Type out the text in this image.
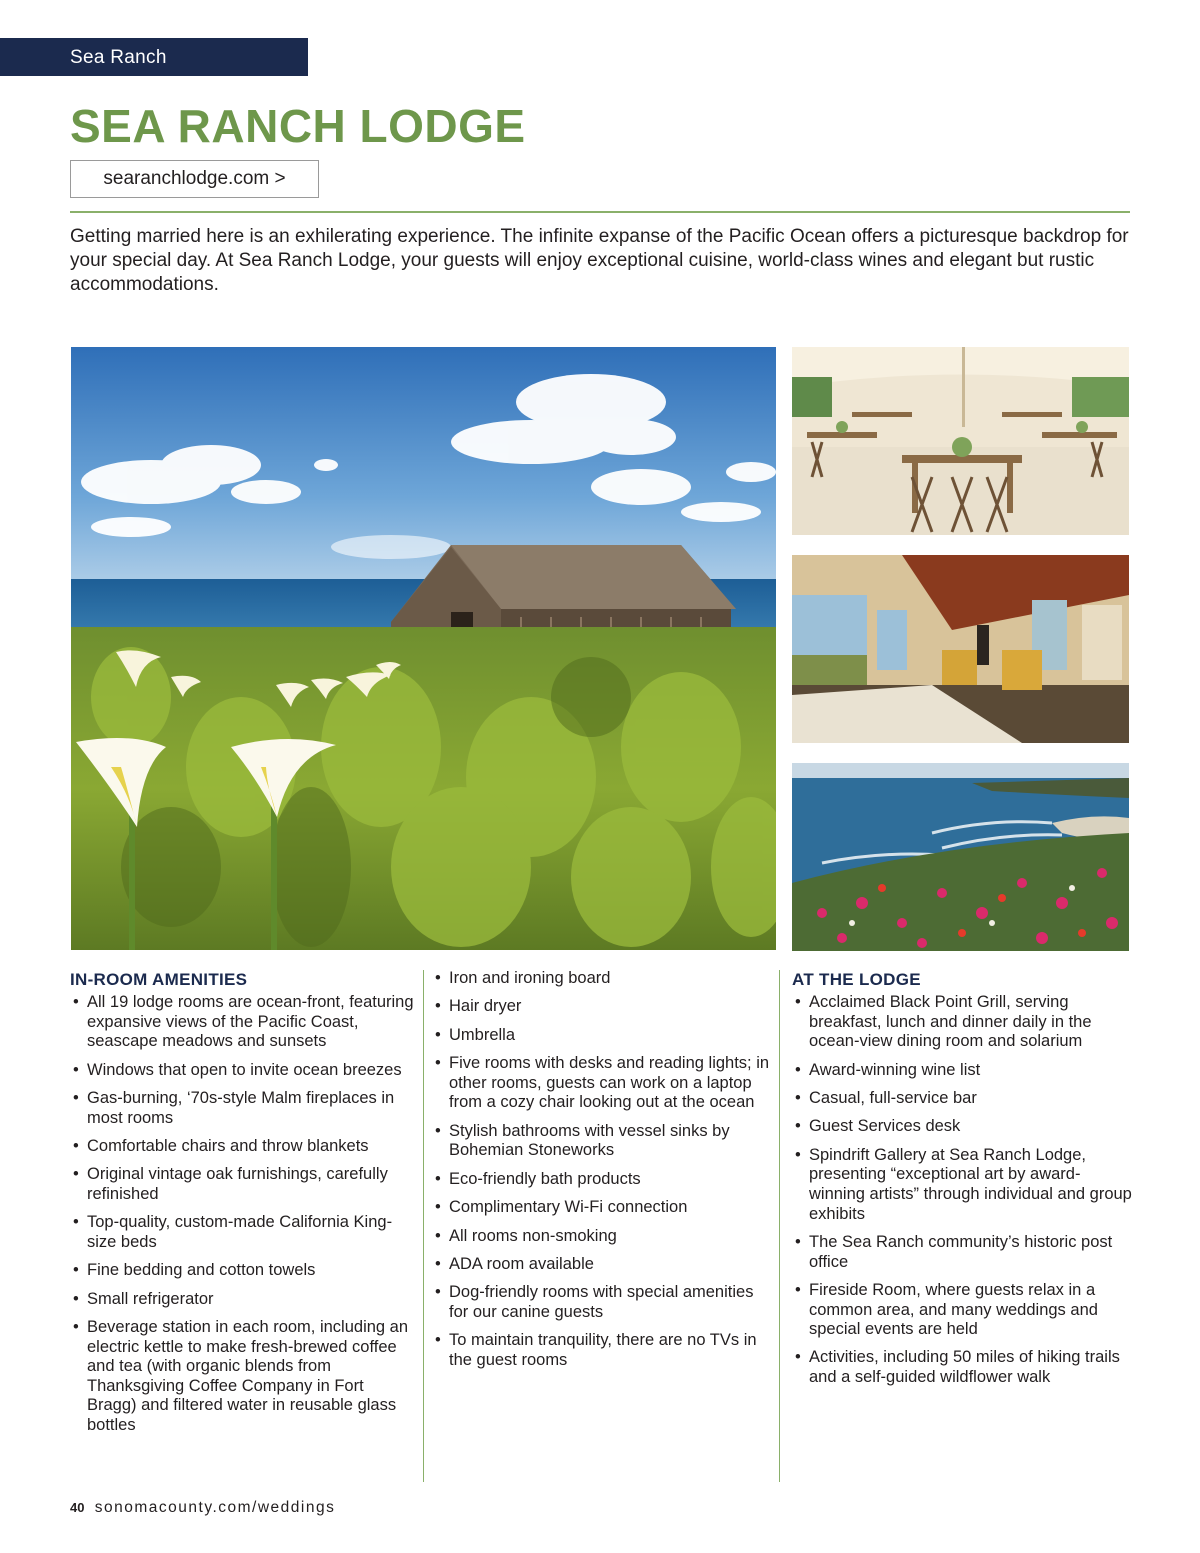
Sea Ranch
SEA RANCH LODGE
searanchlodge.com >

Getting married here is an exhilerating experience. The infinite expanse of the Pacific Ocean offers a picturesque backdrop for your special day. At Sea Ranch Lodge, your guests will enjoy exceptional cuisine, world-class wines and elegant but rustic accommodations.

IN-ROOM AMENITIES
• All 19 lodge rooms are ocean-front, featuring expansive views of the Pacific Coast, seascape meadows and sunsets
• Windows that open to invite ocean breezes
• Gas-burning, ‘70s-style Malm fireplaces in most rooms
• Comfortable chairs and throw blankets
• Original vintage oak furnishings, carefully refinished
• Top-quality, custom-made California King-size beds
• Fine bedding and cotton towels
• Small refrigerator
• Beverage station in each room, including an electric kettle to make fresh-brewed coffee and tea (with organic blends from Thanksgiving Coffee Company in Fort Bragg) and filtered water in reusable glass bottles
• Iron and ironing board
• Hair dryer
• Umbrella
• Five rooms with desks and reading lights; in other rooms, guests can work on a laptop from a cozy chair looking out at the ocean
• Stylish bathrooms with vessel sinks by Bohemian Stoneworks
• Eco-friendly bath products
• Complimentary Wi-Fi connection
• All rooms non-smoking
• ADA room available
• Dog-friendly rooms with special amenities for our canine guests
• To maintain tranquility, there are no TVs in the guest rooms
AT THE LODGE
• Acclaimed Black Point Grill, serving breakfast, lunch and dinner daily in the ocean-view dining room and solarium
• Award-winning wine list
• Casual, full-service bar
• Guest Services desk
• Spindrift Gallery at Sea Ranch Lodge, presenting “exceptional art by award-winning artists” through individual and group exhibits
• The Sea Ranch community’s historic post office
• Fireside Room, where guests relax in a common area, and many weddings and special events are held
• Activities, including 50 miles of hiking trails and a self-guided wildflower walk
40 sonomacounty.com/weddings
